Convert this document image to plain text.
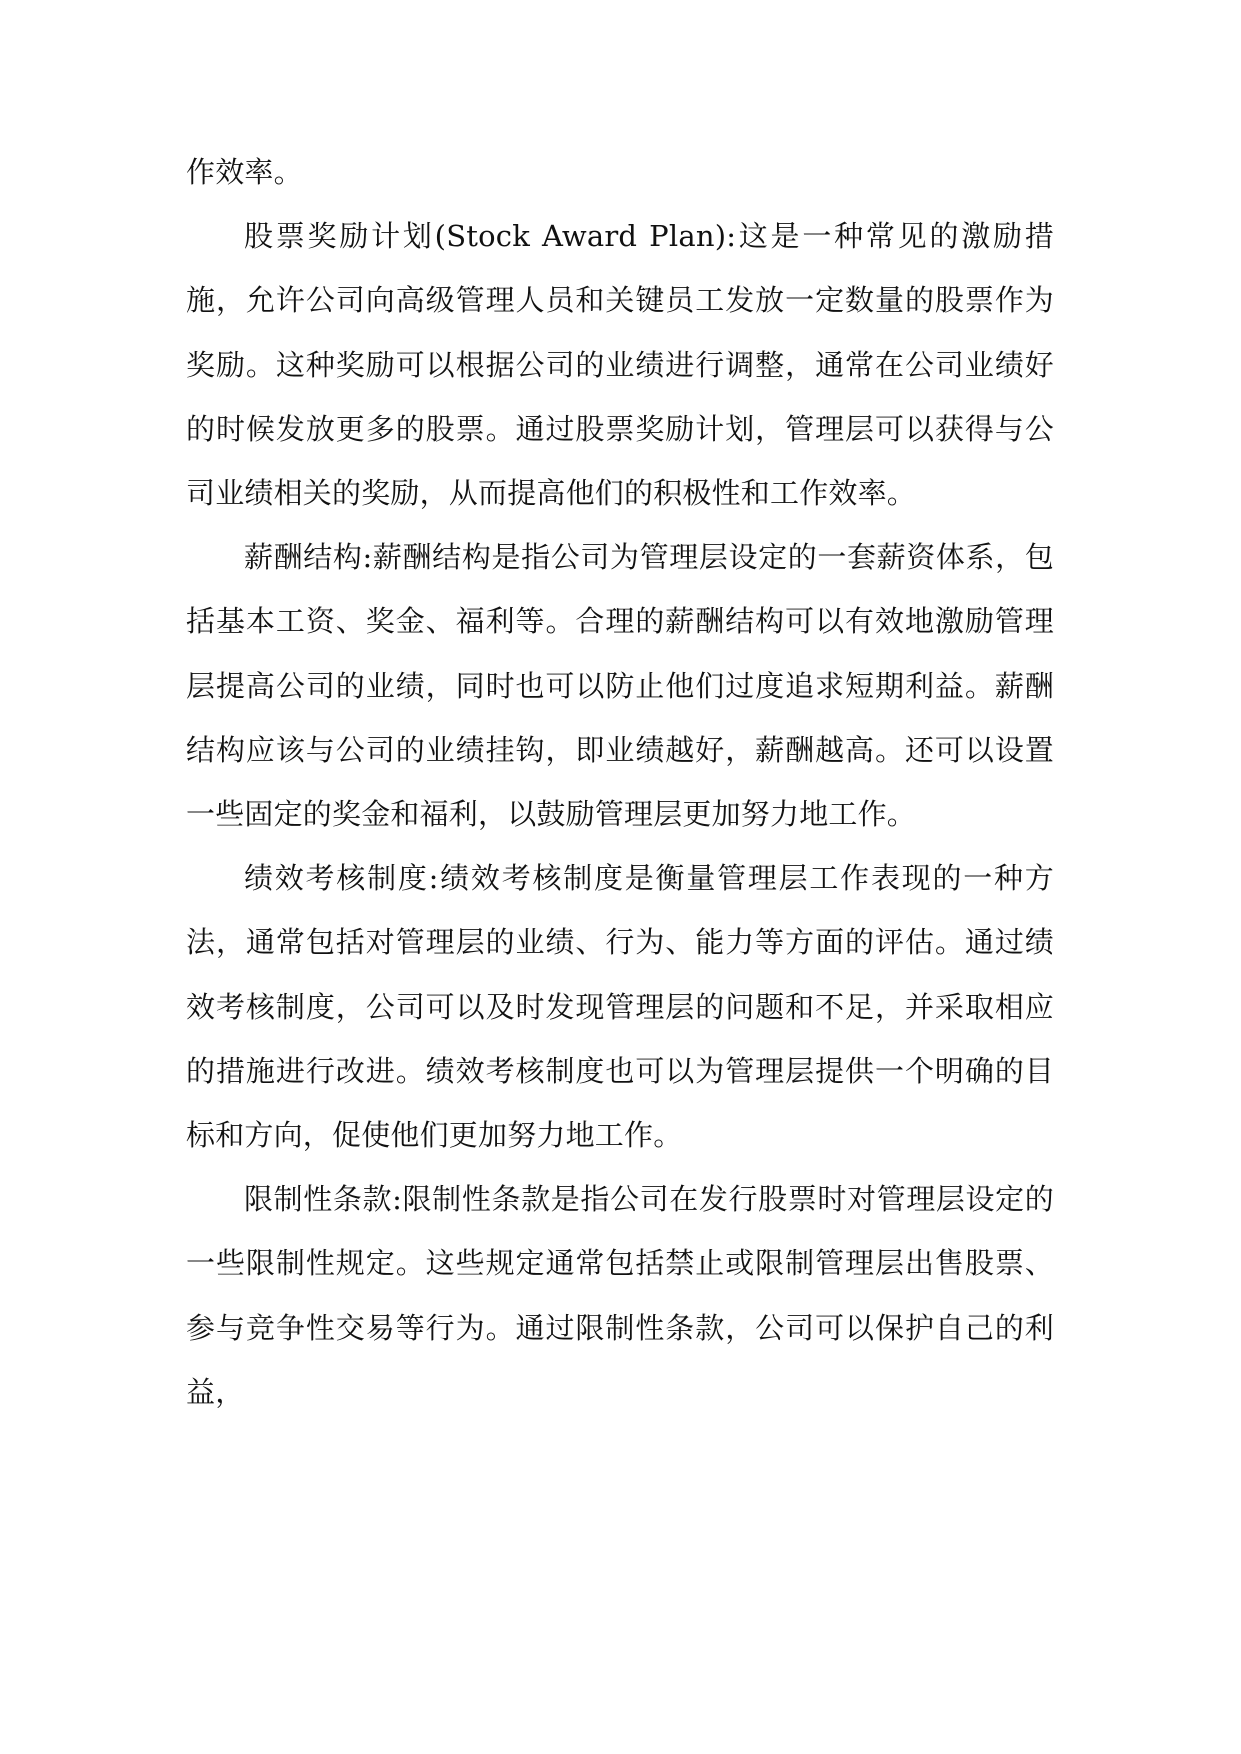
作效率。

股票奖励计划(Stock Award Plan):这是一种常见的激励措施，允许公司向高级管理人员和关键员工发放一定数量的股票作为奖励。这种奖励可以根据公司的业绩进行调整，通常在公司业绩好的时候发放更多的股票。通过股票奖励计划，管理层可以获得与公司业绩相关的奖励，从而提高他们的积极性和工作效率。

薪酬结构:薪酬结构是指公司为管理层设定的一套薪资体系，包括基本工资、奖金、福利等。合理的薪酬结构可以有效地激励管理层提高公司的业绩，同时也可以防止他们过度追求短期利益。薪酬结构应该与公司的业绩挂钩，即业绩越好，薪酬越高。还可以设置一些固定的奖金和福利，以鼓励管理层更加努力地工作。

绩效考核制度:绩效考核制度是衡量管理层工作表现的一种方法，通常包括对管理层的业绩、行为、能力等方面的评估。通过绩效考核制度，公司可以及时发现管理层的问题和不足，并采取相应的措施进行改进。绩效考核制度也可以为管理层提供一个明确的目标和方向，促使他们更加努力地工作。

限制性条款:限制性条款是指公司在发行股票时对管理层设定的一些限制性规定。这些规定通常包括禁止或限制管理层出售股票、参与竞争性交易等行为。通过限制性条款，公司可以保护自己的利益，
